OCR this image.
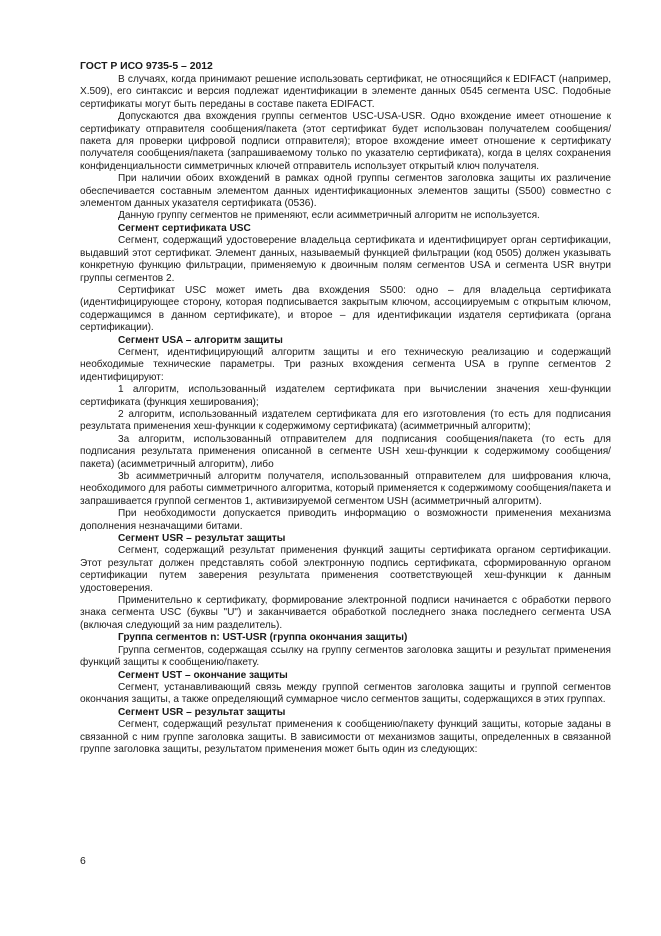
ГОСТ Р ИСО 9735-5 – 2012

В случаях, когда принимают решение использовать сертификат, не относящийся к EDIFACT (например, Х.509), его синтаксис и версия подлежат идентификации в элементе данных 0545 сегмента USC. Подобные сертификаты могут быть переданы в составе пакета EDIFACT.

Допускаются два вхождения группы сегментов USC-USA-USR. Одно вхождение имеет отношение к сертификату отправителя сообщения/пакета (этот сертификат будет использован получателем сообщения/пакета для проверки цифровой подписи отправителя); второе вхождение имеет отношение к сертификату получателя сообщения/пакета (запрашиваемому только по указателю сертификата), когда в целях сохранения конфиденциальности симметричных ключей отправитель использует открытый ключ получателя.

При наличии обоих вхождений в рамках одной группы сегментов заголовка защиты их различение обеспечивается составным элементом данных идентификационных элементов защиты (S500) совместно с элементом данных указателя сертификата (0536).

Данную группу сегментов не применяют, если асимметричный алгоритм не используется.

Сегмент сертификата USC

Сегмент, содержащий удостоверение владельца сертификата и идентифицирует орган сертификации, выдавший этот сертификат. Элемент данных, называемый функцией фильтрации (код 0505) должен указывать конкретную функцию фильтрации, применяемую к двоичным полям сегментов USA и сегмента USR внутри группы сегментов 2.

Сертификат USC может иметь два вхождения S500: одно – для владельца сертификата (идентифицирующее сторону, которая подписывается закрытым ключом, ассоциируемым с открытым ключом, содержащимся в данном сертификате), и второе – для идентификации издателя сертификата (органа сертификации).

Сегмент USA – алгоритм защиты

Сегмент, идентифицирующий алгоритм защиты и его техническую реализацию и содержащий необходимые технические параметры. Три разных вхождения сегмента USA в группе сегментов 2 идентифицируют:

1 алгоритм, использованный издателем сертификата при вычислении значения хеш-функции сертификата (функция хеширования);

2 алгоритм, использованный издателем сертификата для его изготовления (то есть для подписания результата применения хеш-функции к содержимому сертификата) (асимметричный алгоритм);

3а алгоритм, использованный отправителем для подписания сообщения/пакета (то есть для подписания результата применения описанной в сегменте USH хеш-функции к содержимому сообщения/пакета) (асимметричный алгоритм), либо

3b асимметричный алгоритм получателя, использованный отправителем для шифрования ключа, необходимого для работы симметричного алгоритма, который применяется к содержимому сообщения/пакета и запрашивается группой сегментов 1, активизируемой сегментом USH (асимметричный алгоритм).

При необходимости допускается приводить информацию о возможности применения механизма дополнения незначащими битами.

Сегмент USR – результат защиты

Сегмент, содержащий результат применения функций защиты сертификата органом сертификации. Этот результат должен представлять собой электронную подпись сертификата, сформированную органом сертификации путем заверения результата применения соответствующей хеш-функции к данным удостоверения.

Применительно к сертификату, формирование электронной подписи начинается с обработки первого знака сегмента USC (буквы "U") и заканчивается обработкой последнего знака последнего сегмента USA (включая следующий за ним разделитель).

Группа сегментов n: UST-USR (группа окончания защиты)

Группа сегментов, содержащая ссылку на группу сегментов заголовка защиты и результат применения функций защиты к сообщению/пакету.

Сегмент UST – окончание защиты

Сегмент, устанавливающий связь между группой сегментов заголовка защиты и группой сегментов окончания защиты, а также определяющий суммарное число сегментов защиты, содержащихся в этих группах.

Сегмент USR – результат защиты

Сегмент, содержащий результат применения к сообщению/пакету функций защиты, которые заданы в связанной с ним группе заголовка защиты. В зависимости от механизмов защиты, определенных в связанной группе заголовка защиты, результатом применения может быть один из следующих:

6
